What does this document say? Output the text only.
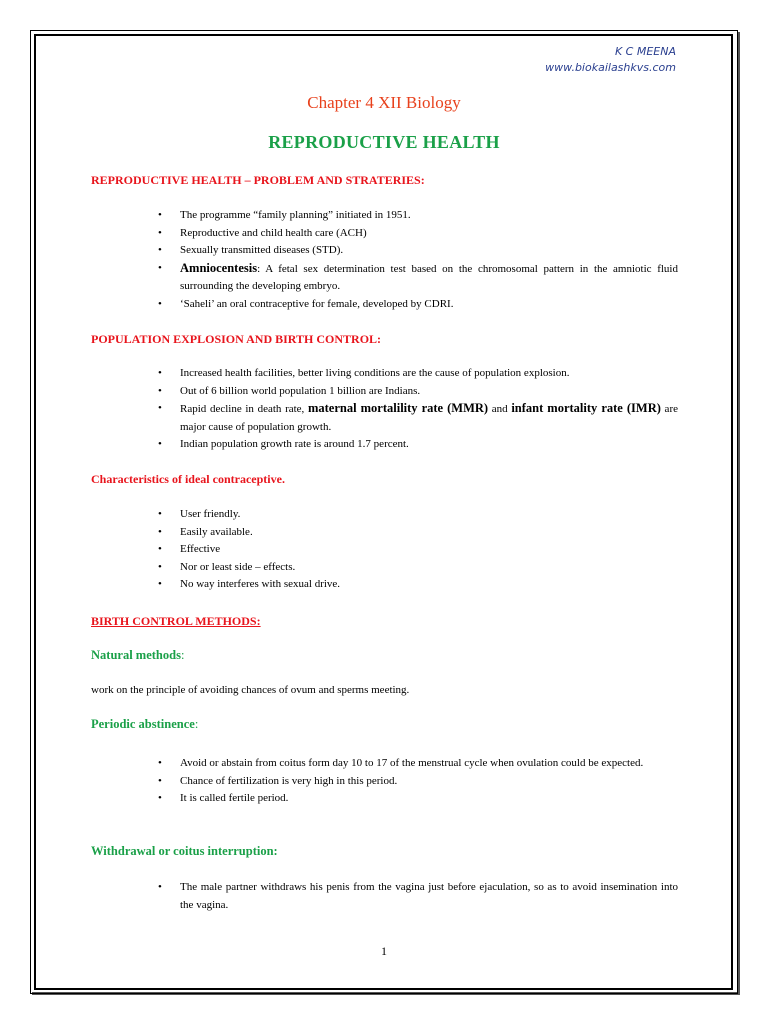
K C MEENA
www.biokailashkvs.com
Chapter 4 XII Biology
REPRODUCTIVE HEALTH
REPRODUCTIVE HEALTH – PROBLEM AND STRATERIES:
• The programme “family planning” initiated in 1951.
• Reproductive and child health care (ACH)
• Sexually transmitted diseases (STD).
• Amniocentesis: A fetal sex determination test based on the chromosomal pattern in the amniotic fluid surrounding the developing embryo.
• ‘Saheli’ an oral contraceptive for female, developed by CDRI.
POPULATION EXPLOSION AND BIRTH CONTROL:
• Increased health facilities, better living conditions are the cause of population explosion.
• Out of 6 billion world population 1 billion are Indians.
• Rapid decline in death rate, maternal mortalility rate (MMR) and infant mortality rate (IMR) are major cause of population growth.
• Indian population growth rate is around 1.7 percent.
Characteristics of ideal contraceptive.
• User friendly.
• Easily available.
• Effective
• Nor or least side – effects.
• No way interferes with sexual drive.
BIRTH CONTROL METHODS:
Natural methods:
work on the principle of avoiding chances of ovum and sperms meeting.
Periodic abstinence:
• Avoid or abstain from coitus form day 10 to 17 of the menstrual cycle when ovulation could be expected.
• Chance of fertilization is very high in this period.
• It is called fertile period.
Withdrawal or coitus interruption:
• The male partner withdraws his penis from the vagina just before ejaculation, so as to avoid insemination into the vagina.
1
